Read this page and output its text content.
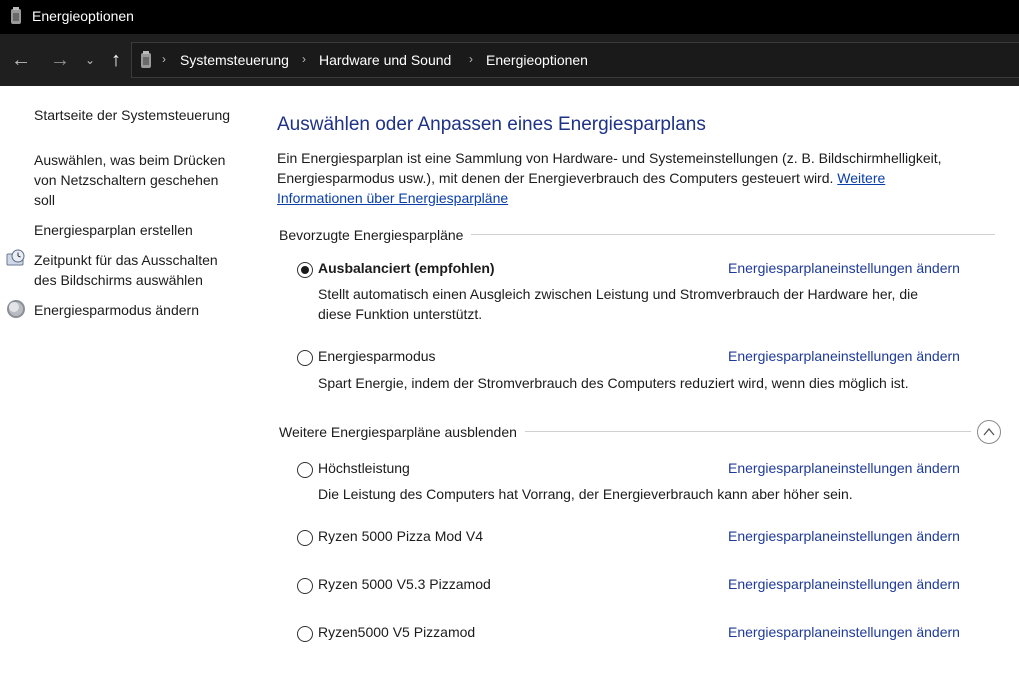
Energieoptionen
← → ⌄ ↑	› Systemsteuerung › Hardware und Sound › Energieoptionen
Startseite der Systemsteuerung
Auswählen, was beim Drücken
von Netzschaltern geschehen
soll
Energiesparplan erstellen
Zeitpunkt für das Ausschalten
des Bildschirms auswählen
Energiesparmodus ändern
Auswählen oder Anpassen eines Energiesparplans
Ein Energiesparplan ist eine Sammlung von Hardware- und Systemeinstellungen (z. B. Bildschirmhelligkeit,
Energiesparmodus usw.), mit denen der Energieverbrauch des Computers gesteuert wird. Weitere
Informationen über Energiesparpläne
Bevorzugte Energiesparpläne
Ausbalanciert (empfohlen)	Energiesparplaneinstellungen ändern
Stellt automatisch einen Ausgleich zwischen Leistung und Stromverbrauch der Hardware her, die
diese Funktion unterstützt.
Energiesparmodus	Energiesparplaneinstellungen ändern
Spart Energie, indem der Stromverbrauch des Computers reduziert wird, wenn dies möglich ist.
Weitere Energiesparpläne ausblenden
Höchstleistung	Energiesparplaneinstellungen ändern
Die Leistung des Computers hat Vorrang, der Energieverbrauch kann aber höher sein.
Ryzen 5000 Pizza Mod V4	Energiesparplaneinstellungen ändern
Ryzen 5000 V5.3 Pizzamod	Energiesparplaneinstellungen ändern
Ryzen5000 V5 Pizzamod	Energiesparplaneinstellungen ändern
